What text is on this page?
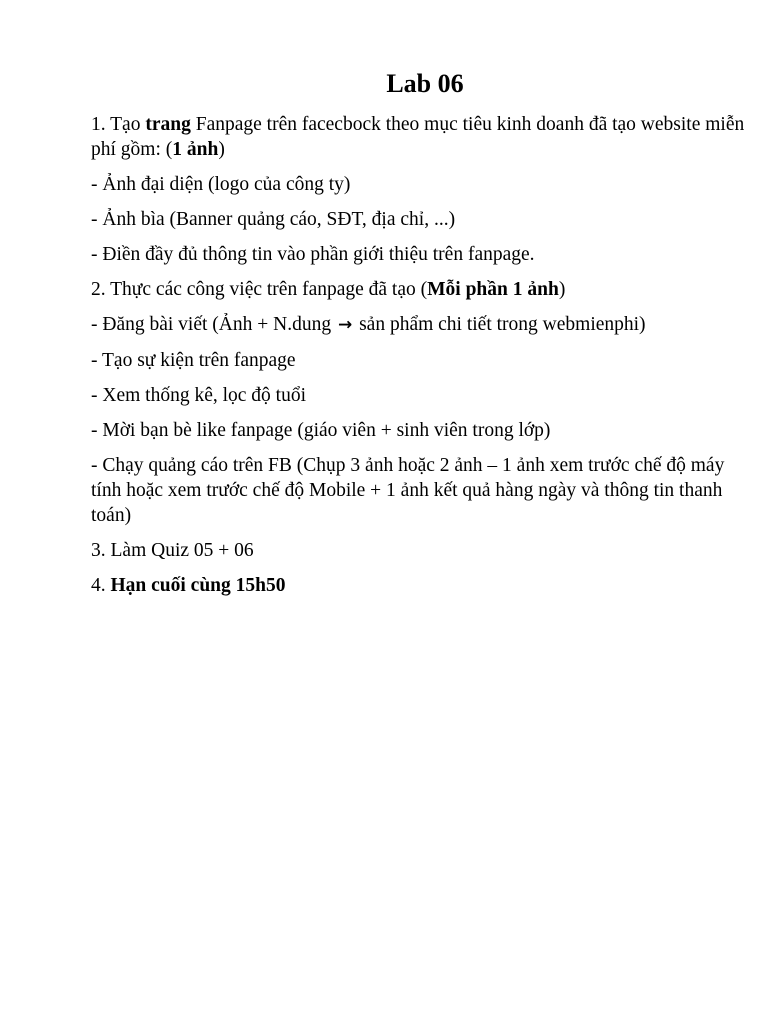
Lab 06

1. Tạo trang Fanpage trên facecbock theo mục tiêu kinh doanh đã tạo website miễn phí gồm: (1 ảnh)

- Ảnh đại diện (logo của công ty)

- Ảnh bìa (Banner quảng cáo, SĐT, địa chỉ, ...)

- Điền đầy đủ thông tin vào phần giới thiệu trên fanpage.

2. Thực các công việc trên fanpage đã tạo (Mỗi phần 1 ảnh)

- Đăng bài viết (Ảnh + N.dung → sản phẩm chi tiết trong webmienphi)

- Tạo sự kiện trên fanpage

- Xem thống kê, lọc độ tuổi

- Mời bạn bè like fanpage (giáo viên + sinh viên trong lớp)

- Chạy quảng cáo trên FB (Chụp 3 ảnh hoặc 2 ảnh – 1 ảnh xem trước chế độ máy tính hoặc xem trước chế độ Mobile + 1 ảnh kết quả hàng ngày và thông tin thanh toán)

3. Làm Quiz 05 + 06

4. Hạn cuối cùng 15h50
